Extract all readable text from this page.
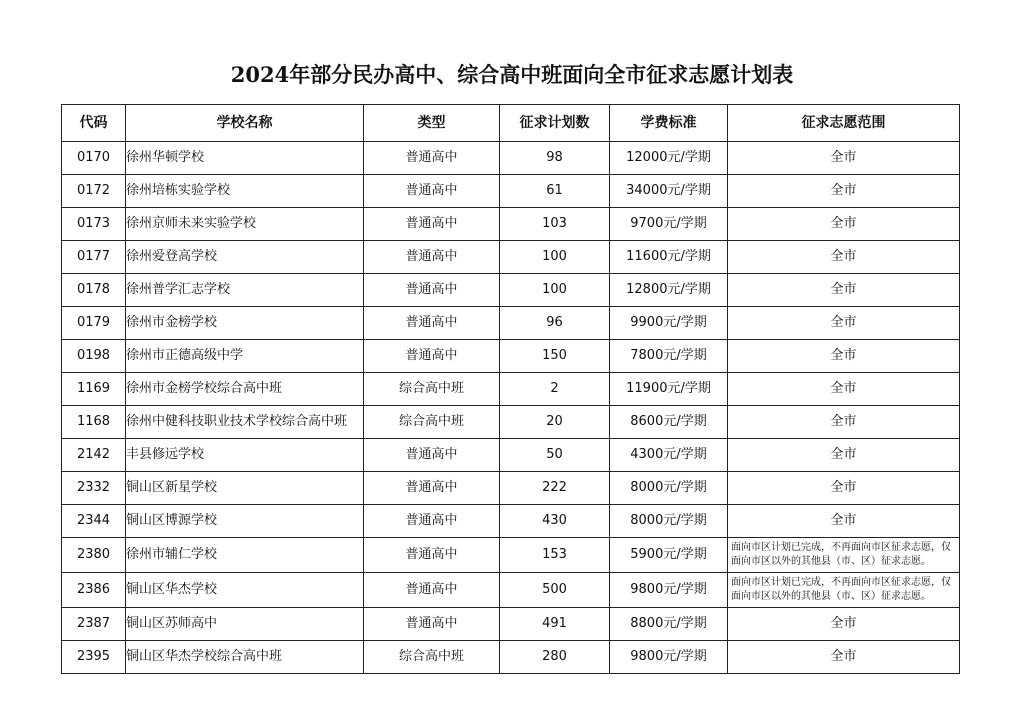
2024年部分民办高中、综合高中班面向全市征求志愿计划表
代码	学校名称	类型	征求计划数	学费标准	征求志愿范围
0170	徐州华顿学校	普通高中	98	12000元/学期	全市
0172	徐州培栋实验学校	普通高中	61	34000元/学期	全市
0173	徐州京师未来实验学校	普通高中	103	9700元/学期	全市
0177	徐州爱登高学校	普通高中	100	11600元/学期	全市
0178	徐州普学汇志学校	普通高中	100	12800元/学期	全市
0179	徐州市金榜学校	普通高中	96	9900元/学期	全市
0198	徐州市正德高级中学	普通高中	150	7800元/学期	全市
1169	徐州市金榜学校综合高中班	综合高中班	2	11900元/学期	全市
1168	徐州中健科技职业技术学校综合高中班	综合高中班	20	8600元/学期	全市
2142	丰县修远学校	普通高中	50	4300元/学期	全市
2332	铜山区新星学校	普通高中	222	8000元/学期	全市
2344	铜山区博源学校	普通高中	430	8000元/学期	全市
2380	徐州市辅仁学校	普通高中	153	5900元/学期	面向市区计划已完成，不再面向市区征求志愿，仅面向市区以外的其他县（市、区）征求志愿。
2386	铜山区华杰学校	普通高中	500	9800元/学期	面向市区计划已完成，不再面向市区征求志愿，仅面向市区以外的其他县（市、区）征求志愿。
2387	铜山区苏师高中	普通高中	491	8800元/学期	全市
2395	铜山区华杰学校综合高中班	综合高中班	280	9800元/学期	全市
